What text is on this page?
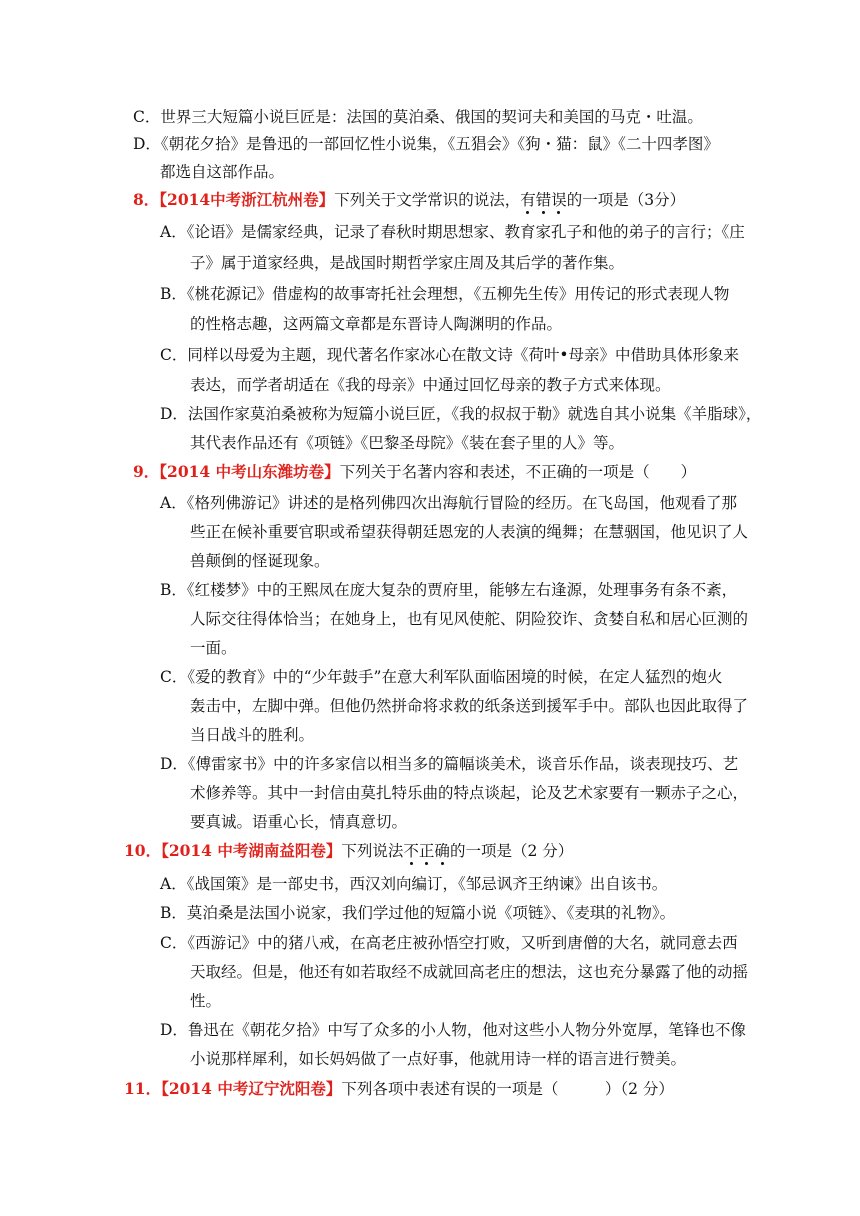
C．世界三大短篇小说巨匠是：法国的莫泊桑、俄国的契诃夫和美国的马克・吐温。
D．《朝花夕拾》是鲁迅的一部回忆性小说集，《五猖会》《狗・猫：鼠》《二十四孝图》
都选自这部作品。
8．【2014中考浙江杭州卷】下列关于文学常识的说法，有错误的一项是（3分）
A．《论语》是儒家经典，记录了春秋时期思想家、教育家孔子和他的弟子的言行；《庄
子》属于道家经典，是战国时期哲学家庄周及其后学的著作集。
B．《桃花源记》借虚构的故事寄托社会理想，《五柳先生传》用传记的形式表现人物
的性格志趣，这两篇文章都是东晋诗人陶渊明的作品。
C．同样以母爱为主题，现代著名作家冰心在散文诗《荷叶•母亲》中借助具体形象来
表达，而学者胡适在《我的母亲》中通过回忆母亲的教子方式来体现。
D．法国作家莫泊桑被称为短篇小说巨匠，《我的叔叔于勒》就选自其小说集《羊脂球》，
其代表作品还有《项链》《巴黎圣母院》《装在套子里的人》等。
9．【2014 中考山东潍坊卷】下列关于名著内容和表述，不正确的一项是（　　）
A．《格列佛游记》讲述的是格列佛四次出海航行冒险的经历。在飞岛国，他观看了那
些正在候补重要官职或希望获得朝廷恩宠的人表演的绳舞；在慧骃国，他见识了人
兽颠倒的怪诞现象。
B．《红楼梦》中的王熙凤在庞大复杂的贾府里，能够左右逢源，处理事务有条不紊，
人际交往得体恰当；在她身上，也有见风使舵、阴险狡诈、贪婪自私和居心叵测的
一面。
C．《爱的教育》中的“少年鼓手”在意大利军队面临困境的时候，在定人猛烈的炮火
轰击中，左脚中弹。但他仍然拼命将求救的纸条送到援军手中。部队也因此取得了
当日战斗的胜利。
D．《傅雷家书》中的许多家信以相当多的篇幅谈美术，谈音乐作品，谈表现技巧、艺
术修养等。其中一封信由莫扎特乐曲的特点谈起，论及艺术家要有一颗赤子之心，
要真诚。语重心长，情真意切。
10．【2014 中考湖南益阳卷】下列说法不正确的一项是（2 分）
A．《战国策》是一部史书，西汉刘向编订，《邹忌讽齐王纳谏》出自该书。
B．莫泊桑是法国小说家，我们学过他的短篇小说《项链》、《麦琪的礼物》。
C．《西游记》中的猪八戒，在高老庄被孙悟空打败，又听到唐僧的大名，就同意去西
天取经。但是，他还有如若取经不成就回高老庄的想法，这也充分暴露了他的动摇
性。
D．鲁迅在《朝花夕拾》中写了众多的小人物，他对这些小人物分外宽厚，笔锋也不像
小说那样犀利，如长妈妈做了一点好事，他就用诗一样的语言进行赞美。
11．【2014 中考辽宁沈阳卷】下列各项中表述有误的一项是（　　　）（2 分）
